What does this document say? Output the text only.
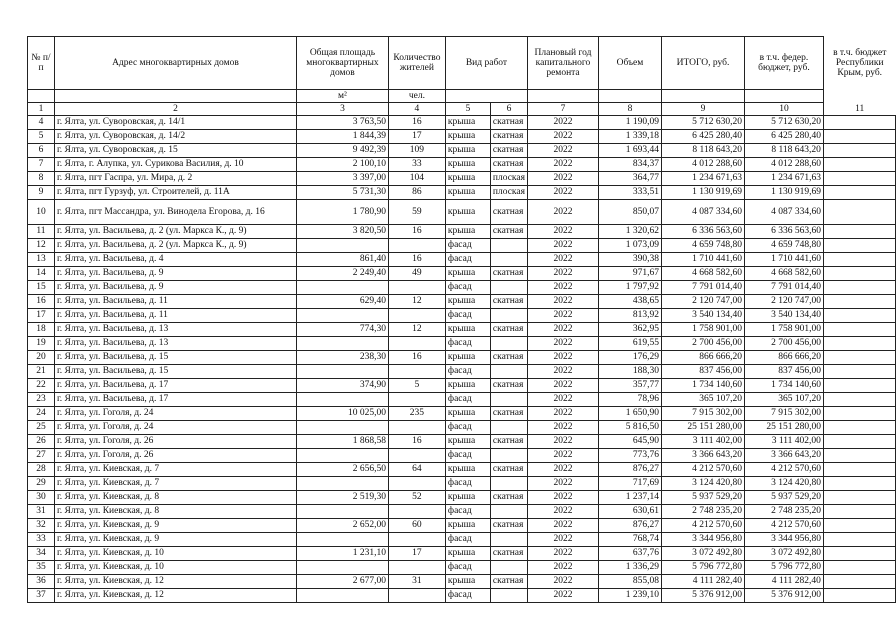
№ п/п	Адрес многоквартирных домов	Общая площадь многоквартирных домов	Количество жителей	Вид работ		Плановый год капитального ремонта	Объем	ИТОГО, руб.	в т.ч. федер. бюджет, руб.	в т.ч. бюджет Республики Крым, руб.
		м²	чел.							
1	2	3	4	5	6	7	8	9	10	11
4	г. Ялта, ул. Суворовская, д. 14/1	3 763,50	16	крыша	скатная	2022	1 190,09	5 712 630,20	5 712 630,20	
5	г. Ялта, ул. Суворовская, д. 14/2	1 844,39	17	крыша	скатная	2022	1 339,18	6 425 280,40	6 425 280,40	
6	г. Ялта, ул. Суворовская, д. 15	9 492,39	109	крыша	скатная	2022	1 693,44	8 118 643,20	8 118 643,20	
7	г. Ялта, г. Алупка, ул. Сурикова Василия, д. 10	2 100,10	33	крыша	скатная	2022	834,37	4 012 288,60	4 012 288,60	
8	г. Ялта, пгт Гаспра, ул. Мира, д. 2	3 397,00	104	крыша	плоская	2022	364,77	1 234 671,63	1 234 671,63	
9	г. Ялта, пгт Гурзуф, ул. Строителей, д. 11А	5 731,30	86	крыша	плоская	2022	333,51	1 130 919,69	1 130 919,69	
10	г. Ялта, пгт Массандра, ул. Винодела Егорова, д. 16	1 780,90	59	крыша	скатная	2022	850,07	4 087 334,60	4 087 334,60	
11	г. Ялта, ул. Васильева, д. 2 (ул. Маркса К., д. 9)	3 820,50	16	крыша	скатная	2022	1 320,62	6 336 563,60	6 336 563,60	
12	г. Ялта, ул. Васильева, д. 2 (ул. Маркса К., д. 9)			фасад		2022	1 073,09	4 659 748,80	4 659 748,80	
13	г. Ялта, ул. Васильева, д. 4	861,40	16	фасад		2022	390,38	1 710 441,60	1 710 441,60	
14	г. Ялта, ул. Васильева, д. 9	2 249,40	49	крыша	скатная	2022	971,67	4 668 582,60	4 668 582,60	
15	г. Ялта, ул. Васильева, д. 9			фасад		2022	1 797,92	7 791 014,40	7 791 014,40	
16	г. Ялта, ул. Васильева, д. 11	629,40	12	крыша	скатная	2022	438,65	2 120 747,00	2 120 747,00	
17	г. Ялта, ул. Васильева, д. 11			фасад		2022	813,92	3 540 134,40	3 540 134,40	
18	г. Ялта, ул. Васильева, д. 13	774,30	12	крыша	скатная	2022	362,95	1 758 901,00	1 758 901,00	
19	г. Ялта, ул. Васильева, д. 13			фасад		2022	619,55	2 700 456,00	2 700 456,00	
20	г. Ялта, ул. Васильева, д. 15	238,30	16	крыша	скатная	2022	176,29	866 666,20	866 666,20	
21	г. Ялта, ул. Васильева, д. 15			фасад		2022	188,30	837 456,00	837 456,00	
22	г. Ялта, ул. Васильева, д. 17	374,90	5	крыша	скатная	2022	357,77	1 734 140,60	1 734 140,60	
23	г. Ялта, ул. Васильева, д. 17			фасад		2022	78,96	365 107,20	365 107,20	
24	г. Ялта, ул. Гоголя, д. 24	10 025,00	235	крыша	скатная	2022	1 650,90	7 915 302,00	7 915 302,00	
25	г. Ялта, ул. Гоголя, д. 24			фасад		2022	5 816,50	25 151 280,00	25 151 280,00	
26	г. Ялта, ул. Гоголя, д. 26	1 868,58	16	крыша	скатная	2022	645,90	3 111 402,00	3 111 402,00	
27	г. Ялта, ул. Гоголя, д. 26			фасад		2022	773,76	3 366 643,20	3 366 643,20	
28	г. Ялта, ул. Киевская, д. 7	2 656,50	64	крыша	скатная	2022	876,27	4 212 570,60	4 212 570,60	
29	г. Ялта, ул. Киевская, д. 7			фасад		2022	717,69	3 124 420,80	3 124 420,80	
30	г. Ялта, ул. Киевская, д. 8	2 519,30	52	крыша	скатная	2022	1 237,14	5 937 529,20	5 937 529,20	
31	г. Ялта, ул. Киевская, д. 8			фасад		2022	630,61	2 748 235,20	2 748 235,20	
32	г. Ялта, ул. Киевская, д. 9	2 652,00	60	крыша	скатная	2022	876,27	4 212 570,60	4 212 570,60	
33	г. Ялта, ул. Киевская, д. 9			фасад		2022	768,74	3 344 956,80	3 344 956,80	
34	г. Ялта, ул. Киевская, д. 10	1 231,10	17	крыша	скатная	2022	637,76	3 072 492,80	3 072 492,80	
35	г. Ялта, ул. Киевская, д. 10			фасад		2022	1 336,29	5 796 772,80	5 796 772,80	
36	г. Ялта, ул. Киевская, д. 12	2 677,00	31	крыша	скатная	2022	855,08	4 111 282,40	4 111 282,40	
37	г. Ялта, ул. Киевская, д. 12			фасад		2022	1 239,10	5 376 912,00	5 376 912,00	
